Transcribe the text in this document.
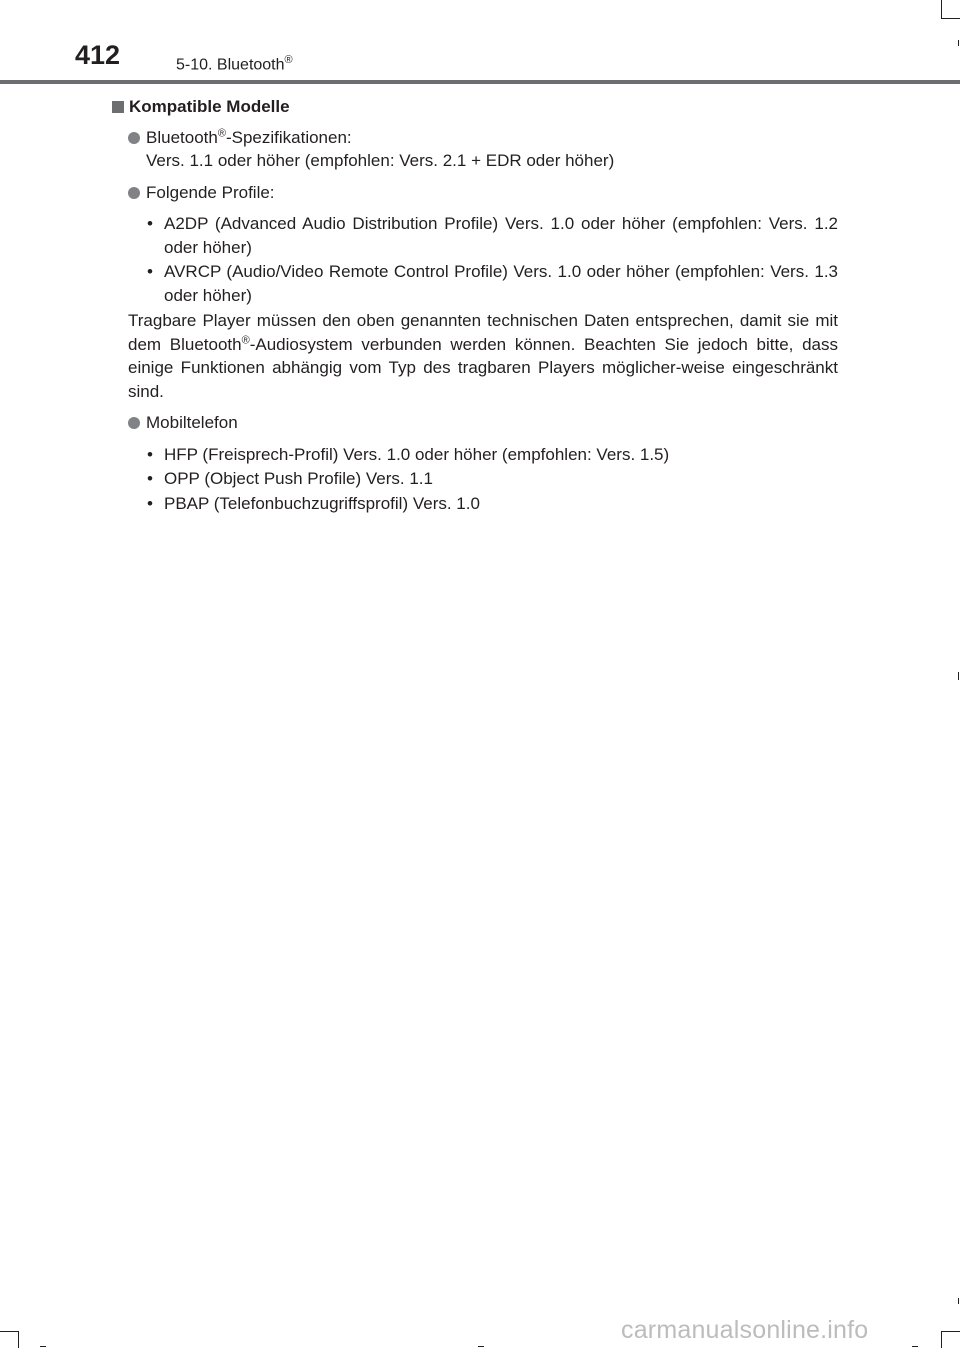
412	5-10. Bluetooth®
Kompatible Modelle
Bluetooth®-Spezifikationen:
Vers. 1.1 oder höher (empfohlen: Vers. 2.1 + EDR oder höher)
Folgende Profile:
• A2DP (Advanced Audio Distribution Profile) Vers. 1.0 oder höher (empfohlen: Vers. 1.2 oder höher)
• AVRCP (Audio/Video Remote Control Profile) Vers. 1.0 oder höher (empfohlen: Vers. 1.3 oder höher)
Tragbare Player müssen den oben genannten technischen Daten entsprechen, damit sie mit dem Bluetooth®-Audiosystem verbunden werden können. Beachten Sie jedoch bitte, dass einige Funktionen abhängig vom Typ des tragbaren Players möglicher-weise eingeschränkt sind.
Mobiltelefon
• HFP (Freisprech-Profil) Vers. 1.0 oder höher (empfohlen: Vers. 1.5)
• OPP (Object Push Profile) Vers. 1.1
• PBAP (Telefonbuchzugriffsprofil) Vers. 1.0
carmanualsonline.info
